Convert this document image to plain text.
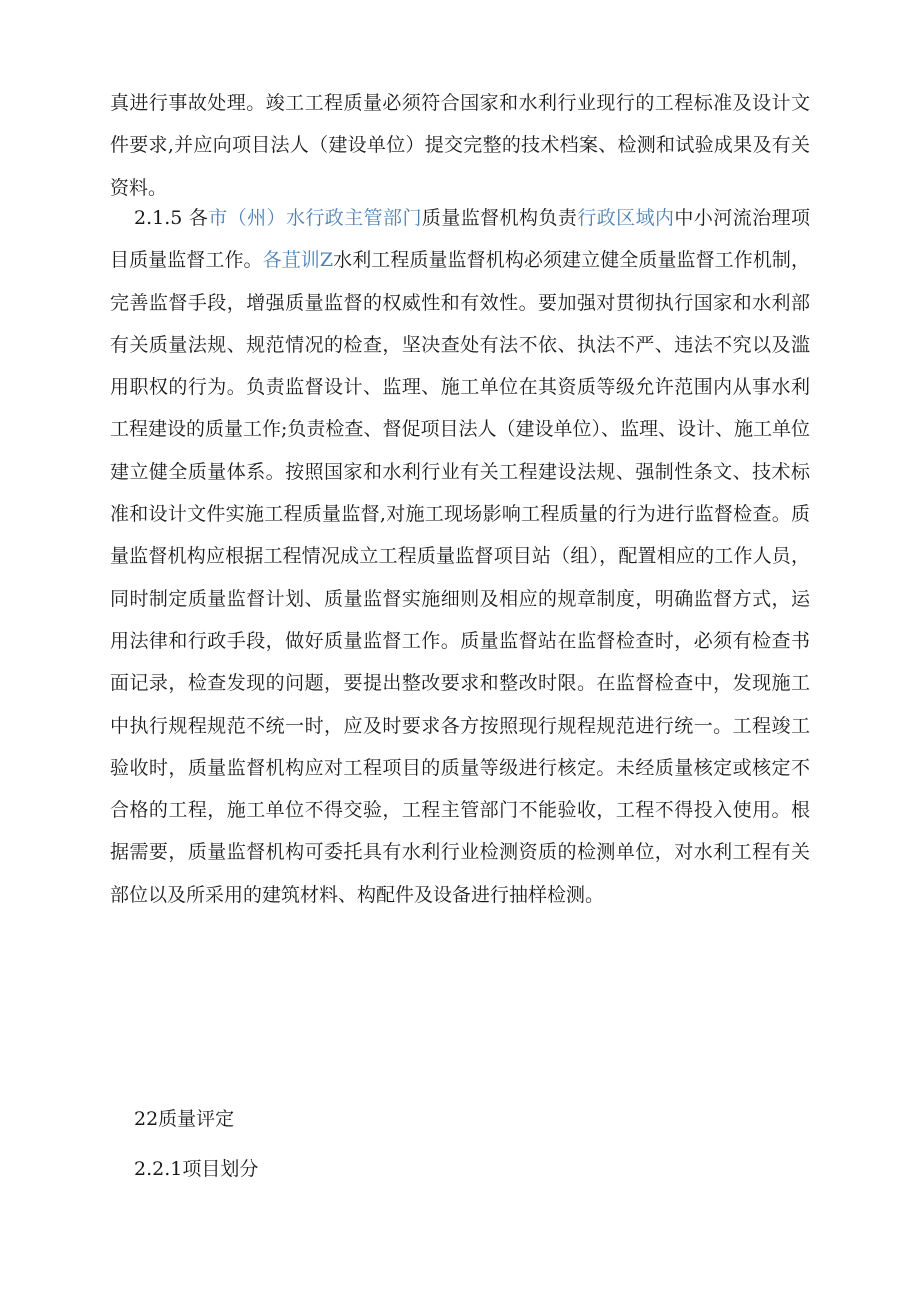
真进行事故处理。竣工工程质量必须符合国家和水利行业现行的工程标准及设计文件要求,并应向项目法人（建设单位）提交完整的技术档案、检测和试验成果及有关资料。
2.1.5 各市（州）水行政主管部门质量监督机构负责行政区域内中小河流治理项目质量监督工作。各苴训Z水利工程质量监督机构必须建立健全质量监督工作机制，完善监督手段，增强质量监督的权威性和有效性。要加强对贯彻执行国家和水利部有关质量法规、规范情况的检查，坚决查处有法不依、执法不严、违法不究以及滥用职权的行为。负责监督设计、监理、施工单位在其资质等级允许范围内从事水利工程建设的质量工作;负责检查、督促项目法人（建设单位）、监理、设计、施工单位建立健全质量体系。按照国家和水利行业有关工程建设法规、强制性条文、技术标准和设计文件实施工程质量监督,对施工现场影响工程质量的行为进行监督检查。质量监督机构应根据工程情况成立工程质量监督项目站（组），配置相应的工作人员，同时制定质量监督计划、质量监督实施细则及相应的规章制度，明确监督方式，运用法律和行政手段，做好质量监督工作。质量监督站在监督检查时，必须有检查书面记录，检查发现的问题，要提出整改要求和整改时限。在监督检查中，发现施工中执行规程规范不统一时，应及时要求各方按照现行规程规范进行统一。工程竣工验收时，质量监督机构应对工程项目的质量等级进行核定。未经质量核定或核定不合格的工程，施工单位不得交验，工程主管部门不能验收，工程不得投入使用。根据需要，质量监督机构可委托具有水利行业检测资质的检测单位，对水利工程有关部位以及所采用的建筑材料、构配件及设备进行抽样检测。
22质量评定
2.2.1项目划分
